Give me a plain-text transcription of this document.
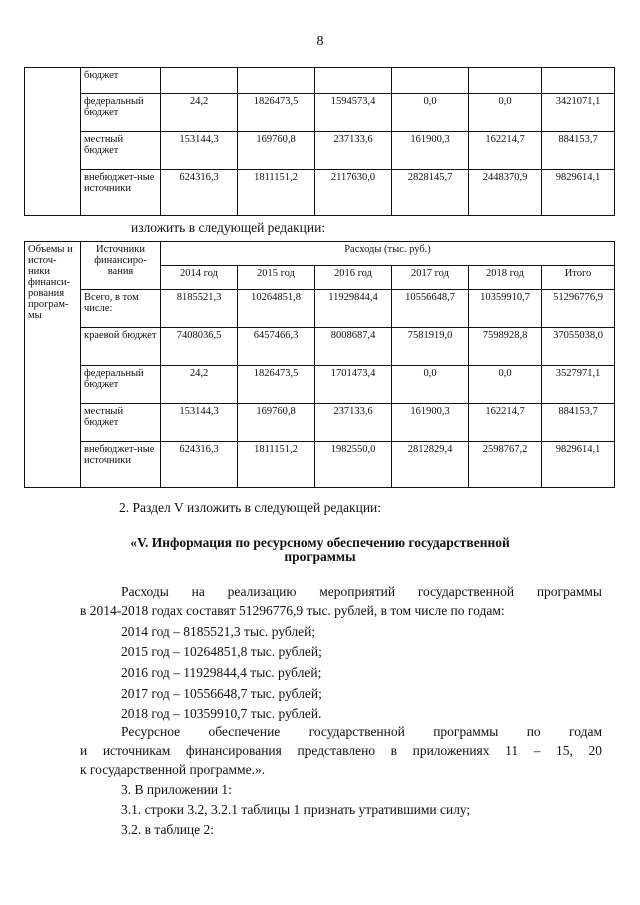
8
	бюджет						
	федеральный бюджет	24,2	1826473,5	1594573,4	0,0	0,0	3421071,1
	местный бюджет	153144,3	169760,8	237133,6	161900,3	162214,7	884153,7
	внебюджет-ные источники	624316,3	1811151,2	2117630,0	2828145,7	2448370,9	9829614,1
изложить в следующей редакции:
Объемы и источ-ники финанси-рования програм-мы	Источники финансиро-вания	Расходы (тыс. руб.)					
		2014 год	2015 год	2016 год	2017 год	2018 год	Итого
	Всего, в том числе:	8185521,3	10264851,8	11929844,4	10556648,7	10359910,7	51296776,9
	краевой бюджет	7408036,5	6457466,3	8008687,4	7581919,0	7598928,8	37055038,0
	федеральный бюджет	24,2	1826473,5	1701473,4	0,0	0,0	3527971,1
	местный бюджет	153144,3	169760,8	237133,6	161900,3	162214,7	884153,7
	внебюджет-ные источники	624316,3	1811151,2	1982550,0	2812829,4	2598767,2	9829614,1
2. Раздел V изложить в следующей редакции:
«V. Информация по ресурсному обеспечению государственной
программы
Расходы на реализацию мероприятий государственной программы
в 2014-2018 годах составят 51296776,9 тыс. рублей, в том числе по годам:
2014 год – 8185521,3 тыс. рублей;
2015 год – 10264851,8 тыс. рублей;
2016 год – 11929844,4 тыс. рублей;
2017 год – 10556648,7 тыс. рублей;
2018 год – 10359910,7 тыс. рублей.
Ресурсное обеспечение государственной программы по годам
и источникам финансирования представлено в приложениях 11 – 15, 20
к государственной программе.».
3. В приложении 1:
3.1. строки 3.2, 3.2.1 таблицы 1 признать утратившими силу;
3.2. в таблице 2:
